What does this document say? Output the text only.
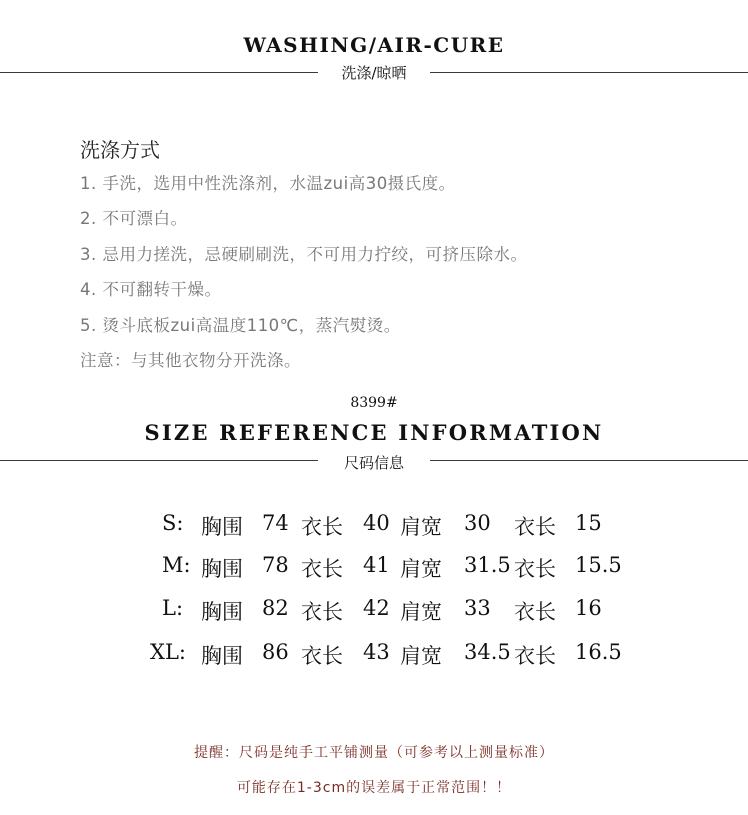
WASHING/AIR-CURE
洗涤/晾晒
洗涤方式
1. 手洗，选用中性洗涤剂，水温zui高30摄氏度。
2. 不可漂白。
3. 忌用力搓洗，忌硬刷刷洗，不可用力拧绞，可挤压除水。
4. 不可翻转干燥。
5. 烫斗底板zui高温度110℃，蒸汽熨烫。
注意：与其他衣物分开洗涤。
8399#
SIZE REFERENCE INFORMATION
尺码信息
S: 胸围 74 衣长 40 肩宽 30 衣长 15
M: 胸围 78 衣长 41 肩宽 31.5 衣长 15.5
L: 胸围 82 衣长 42 肩宽 33 衣长 16
XL: 胸围 86 衣长 43 肩宽 34.5 衣长 16.5
提醒：尺码是纯手工平铺测量（可参考以上测量标准）
可能存在1-3cm的误差属于正常范围！！
